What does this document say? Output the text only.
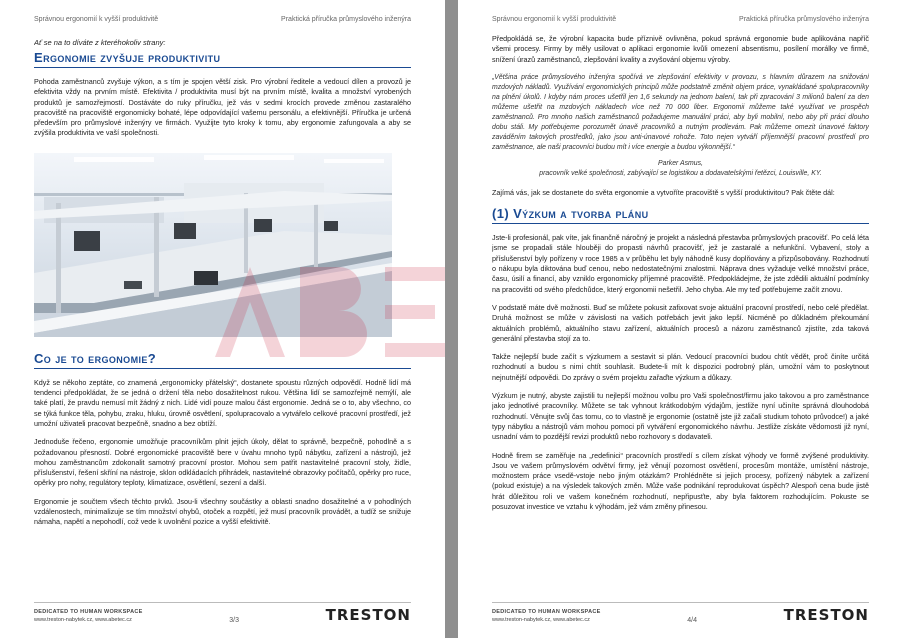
Správnou ergonomií k vyšší produktivitě	Praktická příručka průmyslového inženýra
Ať se na to díváte z kteréhokoliv strany:
Ergonomie zvyšuje produktivitu
Pohoda zaměstnanců zvyšuje výkon, a s tím je spojen větší zisk. Pro výrobní ředitele a vedoucí dílen a provozů je efektivita vždy na prvním místě. Efektivita / produktivita musí být na prvním místě, kvalita a množství vyrobených produktů je samozřejmostí. Dostáváte do ruky příručku, jež vás v sedmi krocích provede změnou zastaralého pracoviště na pracoviště ergonomicky bohaté, lépe odpovídající vašemu personálu, a efektivnější. Příručka je určená především pro průmyslové inženýry ve firmách. Využijte tyto kroky k tomu, aby ergonomie zafungovala a aby se zvýšila produktivita ve vaší společnosti.
Co je to ergonomie?
Když se někoho zeptáte, co znamená „ergonomicky přátelský“, dostanete spoustu různých odpovědí. Hodně lidí má tendenci předpokládat, že se jedná o držení těla nebo dosažitelnost rukou. Většina lidí se samozřejmě nemýlí, ale také platí, že pravdu nemusí mít žádný z nich. Lidé vidí pouze malou část ergonomie. Jedná se o to, aby všechno, co se týká funkce těla, pohybu, zraku, hluku, úrovně osvětlení, spolupracovalo a vytvářelo celkové pracovní prostředí, jež umožní uživateli pracovat bezpečně, snadno a bez obtíží.
Jednoduše řečeno, ergonomie umožňuje pracovníkům plnit jejich úkoly, dělat to správně, bezpečně, pohodlně a s požadovanou přesností. Dobré ergonomické pracoviště bere v úvahu mnoho typů nábytku, zařízení a nástrojů, jež mohou zaměstnancům zdokonalit samotný pracovní prostor. Mohou sem patřit nastavitelné pracovní stoly, židle, příslušenství, řešení skříní na nástroje, sklon odkládacích přihrádek, nastavitelné obrazovky počítačů, opěrky pro ruce, opěrky pro nohy, regulátory teploty, klimatizace, osvětlení, sezení a další.
Ergonomie je součtem všech těchto prvků. Jsou-li všechny součástky a oblasti snadno dosažitelné a v pohodlných vzdálenostech, minimalizuje se tím množství ohybů, otoček a rozpětí, jež musí pracovník provádět, a tudíž se snižuje námaha, napětí a nepohodlí, což vede k uvolnění pozice a vyšší efektivitě.
DEDICATED TO HUMAN WORKSPACE
www.treston-nabytek.cz, www.abetec.cz	3/3	TRESTON
Správnou ergonomií k vyšší produktivitě	Praktická příručka průmyslového inženýra
Předpokládá se, že výrobní kapacita bude příznivě ovlivněna, pokud správná ergonomie bude aplikována napříč všemi procesy. Firmy by měly usilovat o aplikaci ergonomie kvůli omezení absentismu, posílení morálky ve firmě, snížení úrazů zaměstnanců, zlepšování kvality a zvyšování objemu výroby.
„Většina práce průmyslového inženýra spočívá ve zlepšování efektivity v provozu, s hlavním důrazem na snižování mzdových nákladů. Využívání ergonomických principů může podstatně změnit objem práce, vynakládané spolupracovníky na plnění úkolů. I kdyby nám proces ušetřil jen 1,6 sekundy na jednom balení, tak při zpracování 3 milionů balení za den můžeme ušetřit na mzdových nákladech více než 70 000 liber. Ergonomii můžeme také využívat ve prospěch zaměstnanců. Pro mnoho našich zaměstnanců požadujeme manuální práci, aby byli mobilní, nebo aby při práci dlouho dobu stáli. My potřebujeme porozumět únavě pracovníků a nutným prodlevám. Pak můžeme omezit únavové faktory zaváděním takových prostředků, jako jsou anti-únavové rohože. Toto nejen vytváří příjemnější pracovní prostředí pro zaměstnance, ale naši pracovníci budou mít i více energie a budou výkonnější.“
Parker Asmus,
pracovník velké společnosti, zabývající se logistikou a dodavatelskými řetězci, Louisville, KY.
Zajímá vás, jak se dostanete do světa ergonomie a vytvoříte pracoviště s vyšší produktivitou? Pak čtěte dál:
(1) Výzkum a tvorba plánu
Jste-li profesionál, pak víte, jak finančně náročný je projekt a následná přestavba průmyslových pracovišť. Po celá léta jsme se propadali stále hlouběji do propasti návrhů pracovišť, jež je zastaralé a nefunkční. Vybavení, stoly a příslušenství byly pořízeny v roce 1985 a v průběhu let byly náhodně kusy doplňovány a přizpůsobovány. Rozhodnutí o nákupu byla diktována buď cenou, nebo nedostatečnými znalostmi. Náprava dnes vyžaduje velké množství práce, času, úsilí a financí, aby vzniklo ergonomicky příjemné pracoviště. Předpokládejme, že jste zdědili aktuální podmínky na pracovišti od svého předchůdce, který ergonomii nešetřil. Jeho chyba. Ale my teď potřebujeme začít znovu.
V podstatě máte dvě možnosti. Buď se můžete pokusit zafixovat svoje aktuální pracovní prostředí, nebo celé předělat. Druhá možnost se může v závislosti na vašich potřebách jevit jako lepší. Nicméně po důkladném překoumání aktuálních problémů, aktuálního stavu zařízení, aktuálních procesů a názoru zaměstnanců zjistíte, zda taková generální přestavba stojí za to.
Takže nejlepší bude začít s výzkumem a sestavit si plán. Vedoucí pracovníci budou chtít vědět, proč činíte určitá rozhodnutí a budou s nimi chtít souhlasit. Budete-li mít k dispozici podrobný plán, umožní vám to poskytnout nejnutnější odpovědi. Do zprávy o svém projektu zařaďte výzkum a důkazy.
Výzkum je nutný, abyste zajistili tu nejlepší možnou volbu pro Vaši společnost/firmu jako takovou a pro zaměstnance jako jednotlivé pracovníky. Můžete se tak vyhnout krátkodobým výdajům, jestliže nyní učiníte správná dlouhodobá rozhodnutí. Věnujte svůj čas tomu, co to vlastně je ergonomie (ostatně jste již začali studium tohoto průvodce!) a jaké typy nábytku a nástrojů vám mohou pomoci při vytváření ergonomického návrhu. Jestliže získáte vědomosti již nyní, usnadní vám to pozdější revizi produktů nebo rozhovory s dodavateli.
Hodně firem se zaměřuje na „redefinici“ pracovních prostředí s cílem získat výhody ve formě zvýšené produktivity. Jsou ve vašem průmyslovém odvětví firmy, jež věnují pozornost osvětlení, procesům montáže, umístění nástroje, možnostem práce vsedě-vstoje nebo jiným otázkám? Prohlédněte si jejich procesy, pořízený nábytek a zařízení (pokud existuje) a na výsledek takových změn. Může vaše podnikání reprodukovat úspěch? Alespoň cena bude jistě hrát důležitou roli ve vašem konečném rozhodnutí, nepřipusťte, aby byla faktorem rozhodujícím. Pokuste se posuzovat investice ve vztahu k výhodám, jež vám změny přinesou.
DEDICATED TO HUMAN WORKSPACE
www.treston-nabytek.cz, www.abetec.cz	4/4	TRESTON
